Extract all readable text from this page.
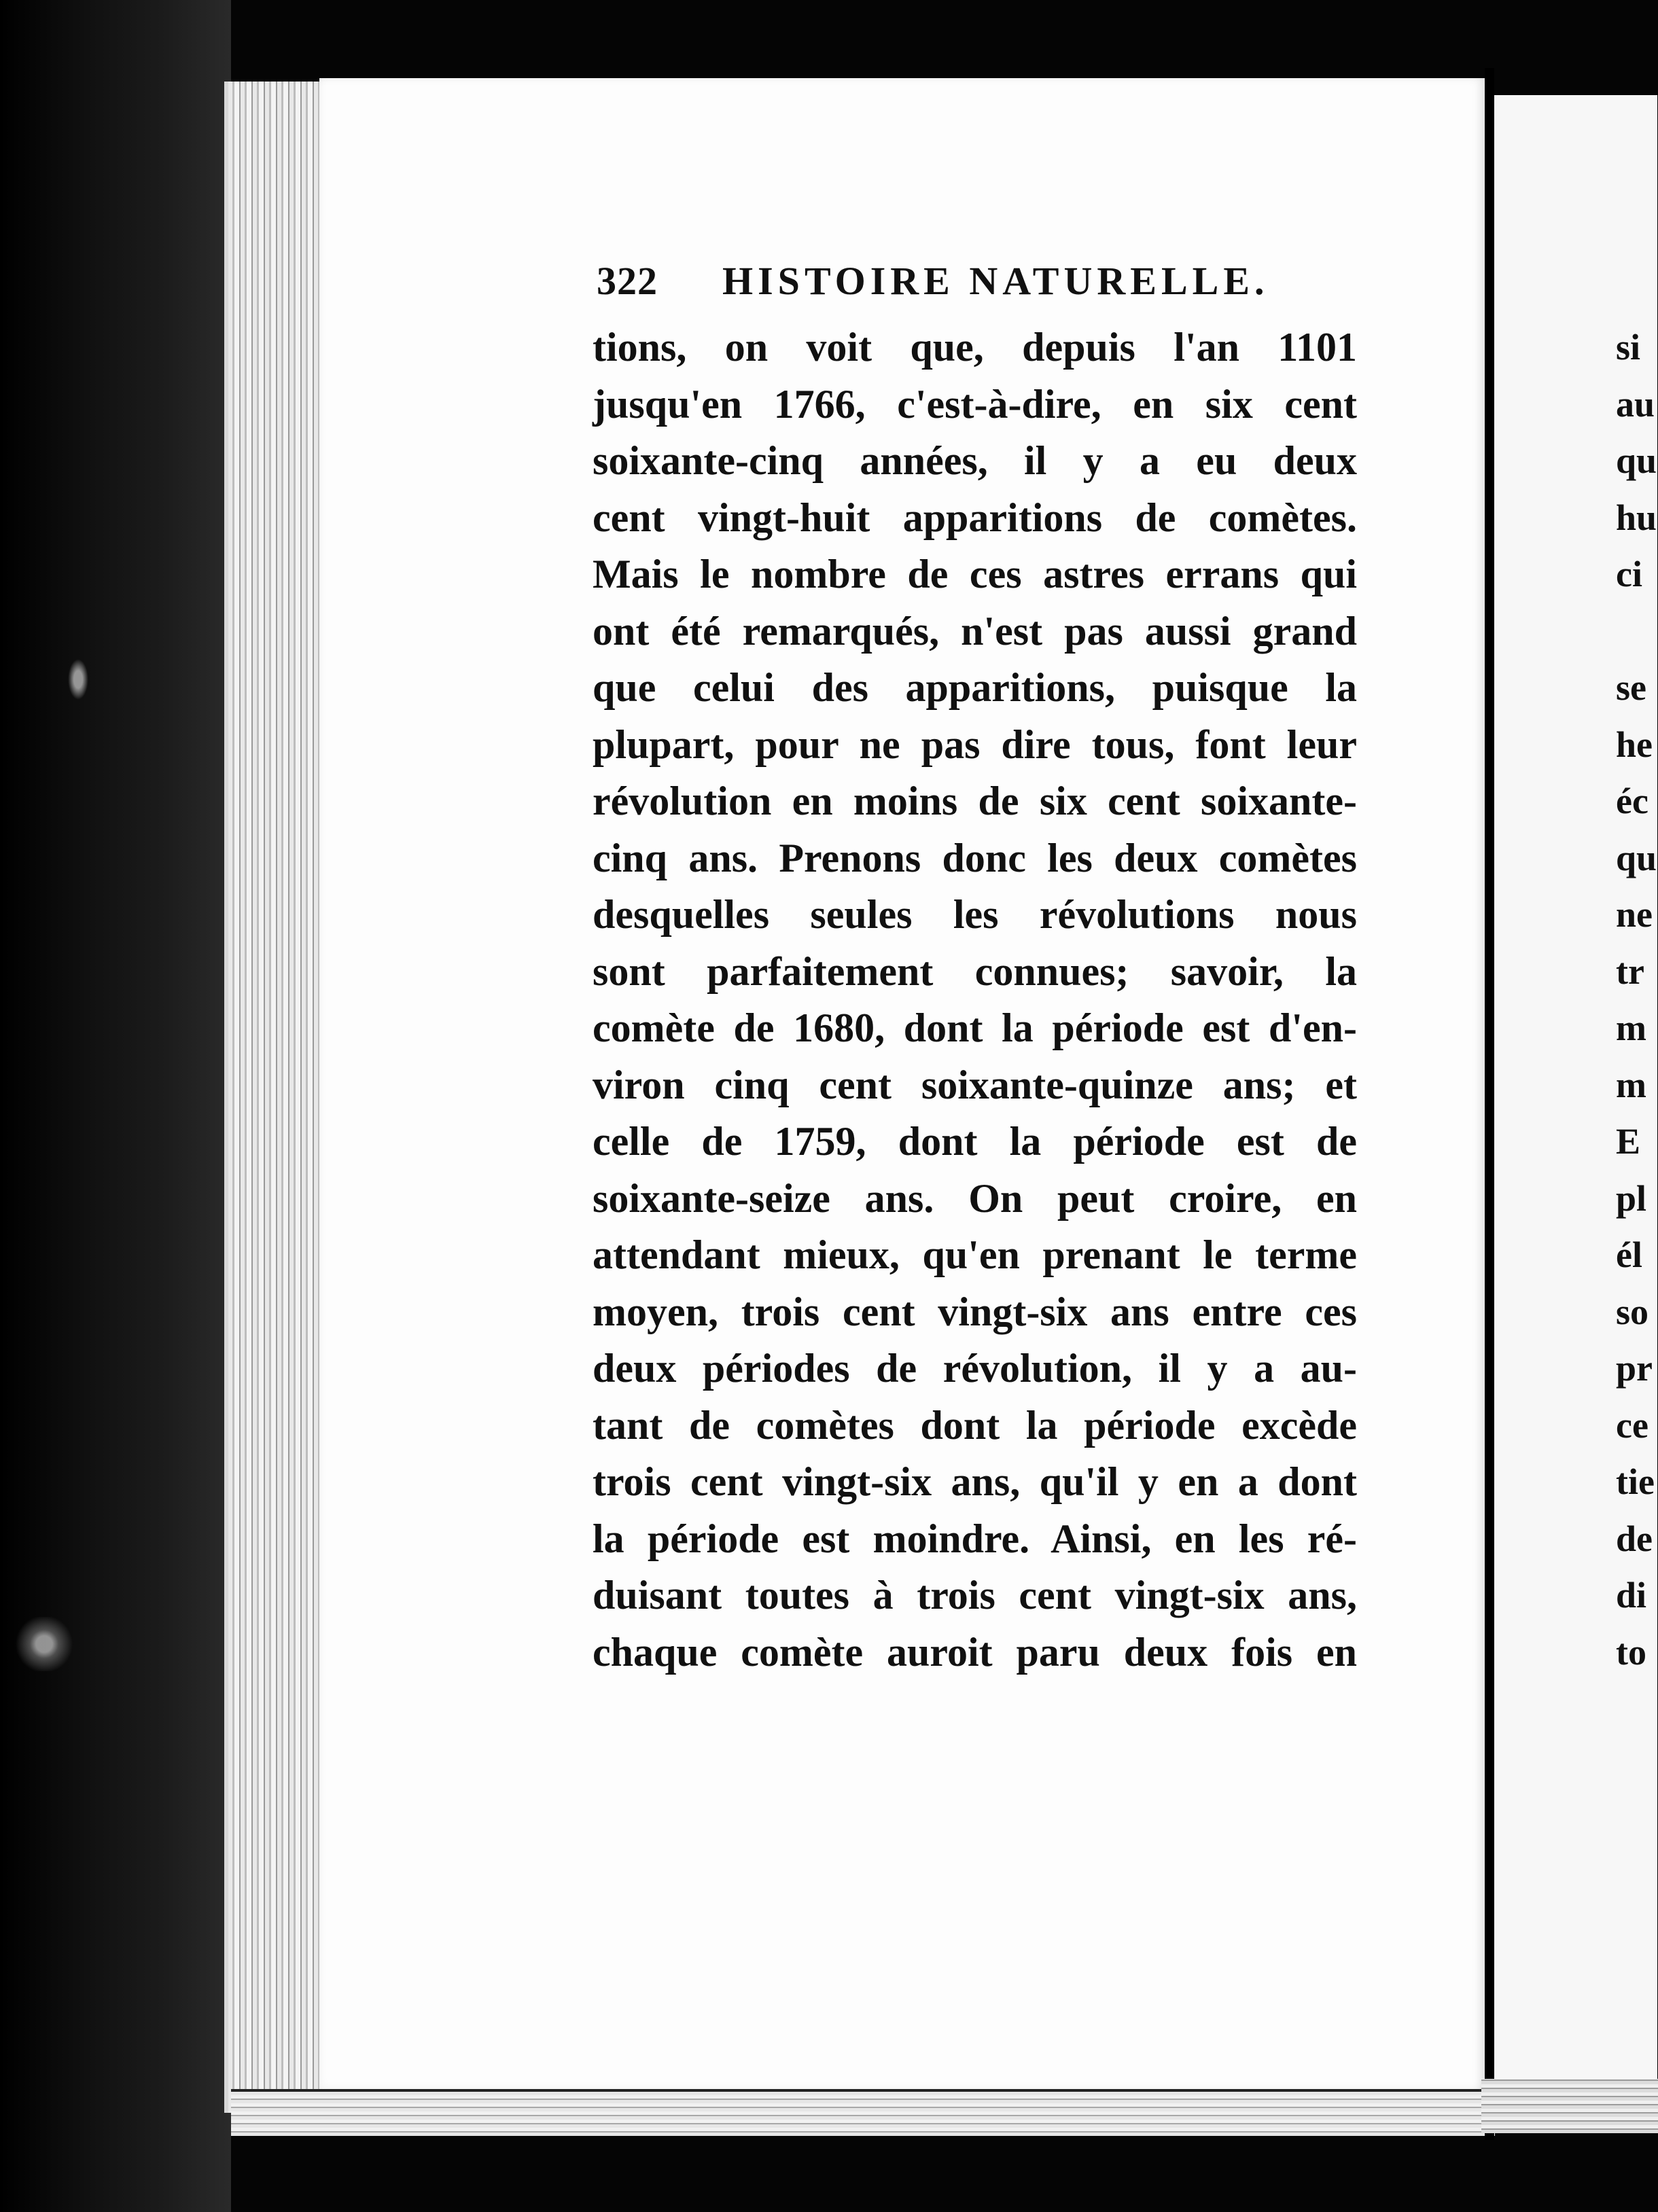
322	HISTOIRE NATURELLE.
tions, on voit que, depuis l'an 1101
jusqu'en 1766, c'est-à-dire, en six cent
soixante-cinq années, il y a eu deux
cent vingt-huit apparitions de comètes.
Mais le nombre de ces astres errans qui
ont été remarqués, n'est pas aussi grand
que celui des apparitions, puisque la
plupart, pour ne pas dire tous, font leur
révolution en moins de six cent soixante-
cinq ans. Prenons donc les deux comètes
desquelles seules les révolutions nous
sont parfaitement connues; savoir, la
comète de 1680, dont la période est d'en-
viron cinq cent soixante-quinze ans; et
celle de 1759, dont la période est de
soixante-seize ans. On peut croire, en
attendant mieux, qu'en prenant le terme
moyen, trois cent vingt-six ans entre ces
deux périodes de révolution, il y a au-
tant de comètes dont la période excède
trois cent vingt-six ans, qu'il y en a dont
la période est moindre. Ainsi, en les ré-
duisant toutes à trois cent vingt-six ans,
chaque comète auroit paru deux fois en
si
au
qu
hu
ci
se
he
éc
qu
ne
tr
m
m
E
pl
él
so
pr
ce
tie
de
di
to
